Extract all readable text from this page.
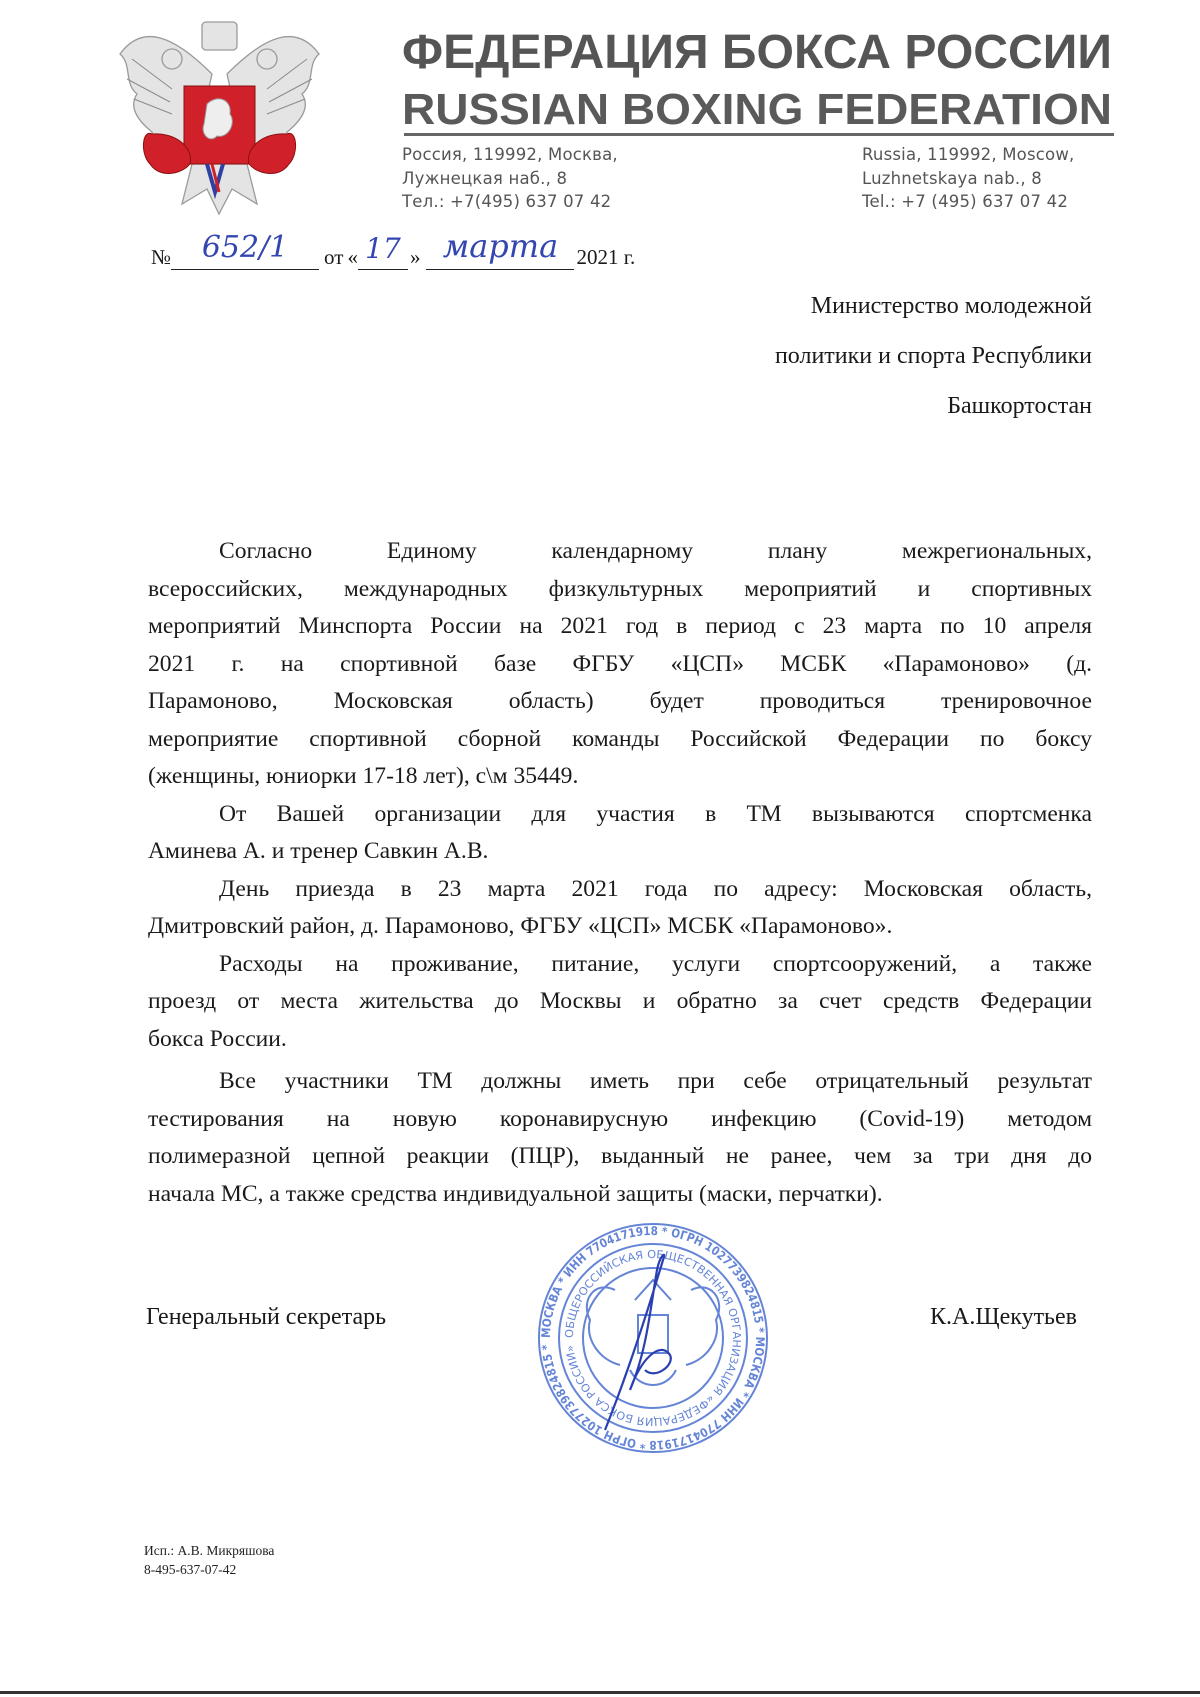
ФЕДЕРАЦИЯ БОКСА РОССИИ
RUSSIAN BOXING FEDERATION
Россия, 119992, Москва,
Лужнецкая наб., 8
Тел.: +7(495) 637 07 42
Russia, 119992, Moscow,
Luzhnetskaya nab., 8
Tel.: +7 (495) 637 07 42
№	652/1	от « 17 » марта 2021 г.
Министерство молодежной
политики и спорта Республики
Башкортостан
Согласно Единому календарному плану межрегиональных,
всероссийских, международных физкультурных мероприятий и спортивных
мероприятий Минспорта России на 2021 год в период с 23 марта по 10 апреля
2021 г. на спортивной базе ФГБУ «ЦСП» МСБК «Парамоново» (д.
Парамоново, Московская область) будет проводиться тренировочное
мероприятие спортивной сборной команды Российской Федерации по боксу
(женщины, юниорки 17-18 лет), с\м 35449.
От Вашей организации для участия в ТМ вызываются спортсменка
Аминева А. и тренер Савкин А.В.
День приезда в 23 марта 2021 года по адресу: Московская область,
Дмитровский район, д. Парамоново, ФГБУ «ЦСП» МСБК «Парамоново».
Расходы на проживание, питание, услуги спортсооружений, а также
проезд от места жительства до Москвы и обратно за счет средств Федерации
бокса России.
Все участники ТМ должны иметь при себе отрицательный результат
тестирования на новую коронавирусную инфекцию (Covid-19) методом
полимеразной цепной реакции (ПЦР), выданный не ранее, чем за три дня до
начала МС, а также средства индивидуальной защиты (маски, перчатки).
Генеральный секретарь	К.А.Щекутьев
МОСКВА * ИНН 7704171918 * ОГРН 1027739824815 * МОСКВА * ИНН 7704171918 * ОГРН 1027739824815 * ОБЩЕРОССИЙСКАЯ ОБЩЕСТВЕННАЯ ОРГАНИЗАЦИЯ «ФЕДЕРАЦИЯ БОКСА РОССИИ»
Исп.: А.В. Микряшова
8-495-637-07-42
